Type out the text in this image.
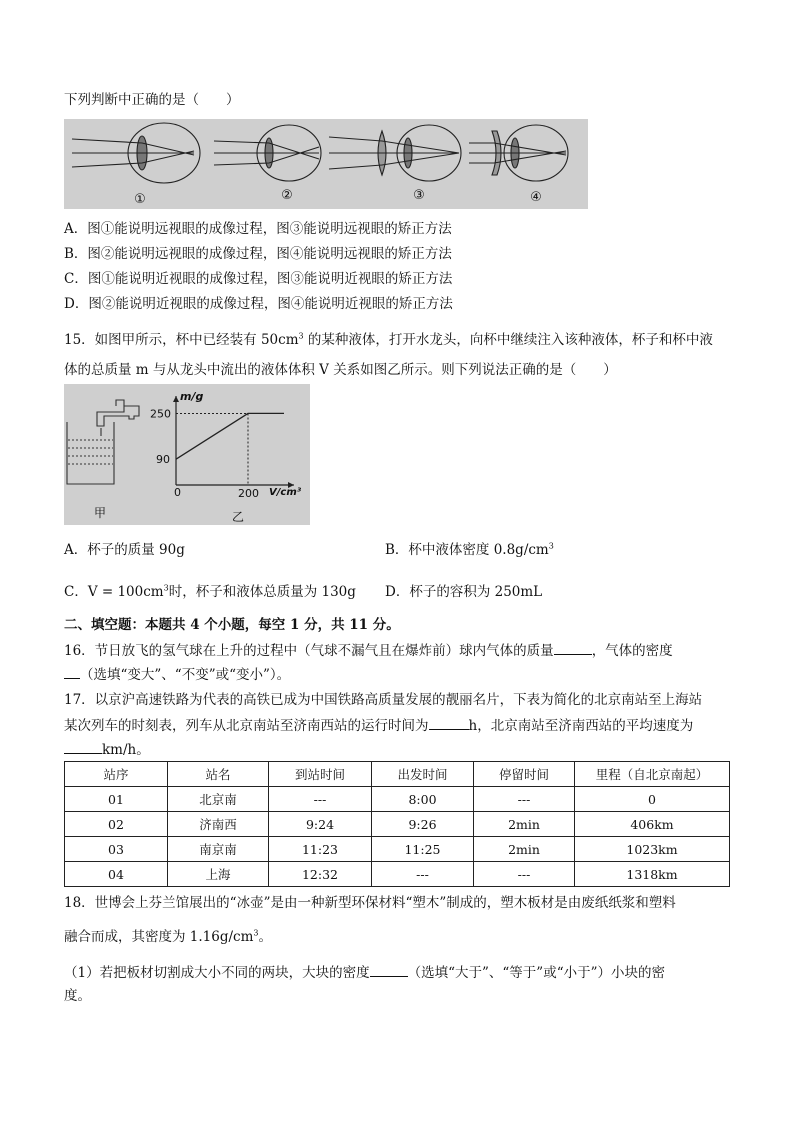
下列判断中正确的是（　　）
①	②	③	④
A．图①能说明远视眼的成像过程，图③能说明远视眼的矫正方法
B．图②能说明远视眼的成像过程，图④能说明远视眼的矫正方法
C．图①能说明近视眼的成像过程，图③能说明近视眼的矫正方法
D．图②能说明近视眼的成像过程，图④能说明近视眼的矫正方法
15．如图甲所示，杯中已经装有 $50cm^3$ 的某种液体，打开水龙头，向杯中继续注入该种液体，杯子和杯中液
体的总质量 m 与从龙头中流出的液体体积 V 关系如图乙所示。则下列说法正确的是（　　）
甲	乙
m/g
V/cm³
0
90
250
200
A．杯子的质量 90g	B．杯中液体密度 $0.8g/cm^3$
C．$V = 100cm^3$时，杯子和液体总质量为 130g D．杯子的容积为 250mL
二、填空题：本题共 4 个小题，每空 1 分，共 11 分。
16．节日放飞的氢气球在上升的过程中（气球不漏气且在爆炸前）球内气体的质量	，气体的密度
（选填“变大”、“不变”或“变小”）。
17．以京沪高速铁路为代表的高铁已成为中国铁路高质量发展的靓丽名片，下表为简化的北京南站至上海站
某次列车的时刻表，列车从北京南站至济南西站的运行时间为	h，北京南站至济南西站的平均速度为
km/h。
站序	站名	到站时间	出发时间	停留时间	里程（自北京南起）
01	北京南	---	8:00	---	0
02	济南西	9:24	9:26	2min	406km
03	南京南	11:23	11:25	2min	1023km
04	上海	12:32	---	---	1318km
18．世博会上芬兰馆展出的“冰壶”是由一种新型环保材料“塑木”制成的，塑木板材是由废纸纸浆和塑料
融合而成，其密度为 $1.16g/cm^3$。
（1）若把板材切割成大小不同的两块，大块的密度	（选填“大于”、“等于”或“小于”）小块的密
度。
